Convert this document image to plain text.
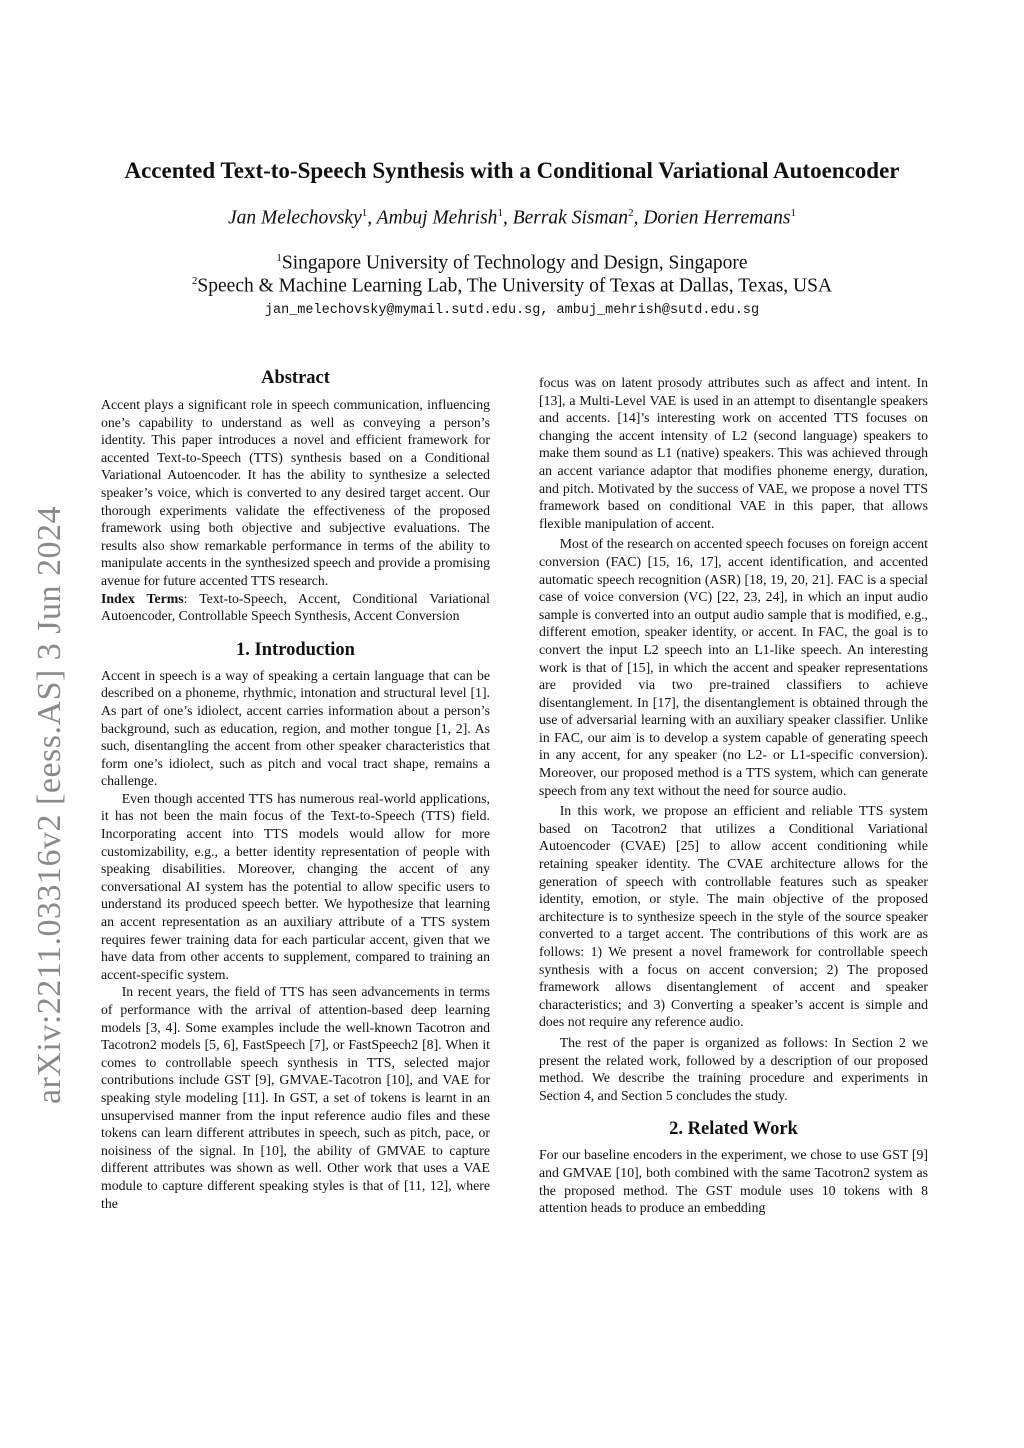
arXiv:2211.03316v2 [eess.AS] 3 Jun 2024
Accented Text-to-Speech Synthesis with a Conditional Variational Autoencoder
Jan Melechovsky$^1$, Ambuj Mehrish$^1$, Berrak Sisman$^2$, Dorien Herremans$^1$
$^1$Singapore University of Technology and Design, Singapore
$^2$Speech & Machine Learning Lab, The University of Texas at Dallas, Texas, USA
jan_melechovsky@mymail.sutd.edu.sg, ambuj_mehrish@sutd.edu.sg
Abstract

Accent plays a significant role in speech communication, influencing one’s capability to understand as well as conveying a person’s identity. This paper introduces a novel and efficient framework for accented Text-to-Speech (TTS) synthesis based on a Conditional Variational Autoencoder. It has the ability to synthesize a selected speaker’s voice, which is converted to any desired target accent. Our thorough experiments validate the effectiveness of the proposed framework using both objective and subjective evaluations. The results also show remarkable performance in terms of the ability to manipulate accents in the synthesized speech and provide a promising avenue for future accented TTS research.

Index Terms: Text-to-Speech, Accent, Conditional Variational Autoencoder, Controllable Speech Synthesis, Accent Conversion

1. Introduction

Accent in speech is a way of speaking a certain language that can be described on a phoneme, rhythmic, intonation and structural level [1]. As part of one’s idiolect, accent carries information about a person’s background, such as education, region, and mother tongue [1, 2]. As such, disentangling the accent from other speaker characteristics that form one’s idiolect, such as pitch and vocal tract shape, remains a challenge.

Even though accented TTS has numerous real-world applications, it has not been the main focus of the Text-to-Speech (TTS) field. Incorporating accent into TTS models would allow for more customizability, e.g., a better identity representation of people with speaking disabilities. Moreover, changing the accent of any conversational AI system has the potential to allow specific users to understand its produced speech better. We hypothesize that learning an accent representation as an auxiliary attribute of a TTS system requires fewer training data for each particular accent, given that we have data from other accents to supplement, compared to training an accent-specific system.

In recent years, the field of TTS has seen advancements in terms of performance with the arrival of attention-based deep learning models [3, 4]. Some examples include the well-known Tacotron and Tacotron2 models [5, 6], FastSpeech [7], or FastSpeech2 [8]. When it comes to controllable speech synthesis in TTS, selected major contributions include GST [9], GMVAE-Tacotron [10], and VAE for speaking style modeling [11]. In GST, a set of tokens is learnt in an unsupervised manner from the input reference audio files and these tokens can learn different attributes in speech, such as pitch, pace, or noisiness of the signal. In [10], the ability of GMVAE to capture different attributes was shown as well. Other work that uses a VAE module to capture different speaking styles is that of [11, 12], where the

focus was on latent prosody attributes such as affect and intent. In [13], a Multi-Level VAE is used in an attempt to disentangle speakers and accents. [14]’s interesting work on accented TTS focuses on changing the accent intensity of L2 (second language) speakers to make them sound as L1 (native) speakers. This was achieved through an accent variance adaptor that modifies phoneme energy, duration, and pitch. Motivated by the success of VAE, we propose a novel TTS framework based on conditional VAE in this paper, that allows flexible manipulation of accent.

Most of the research on accented speech focuses on foreign accent conversion (FAC) [15, 16, 17], accent identification, and accented automatic speech recognition (ASR) [18, 19, 20, 21]. FAC is a special case of voice conversion (VC) [22, 23, 24], in which an input audio sample is converted into an output audio sample that is modified, e.g., different emotion, speaker identity, or accent. In FAC, the goal is to convert the input L2 speech into an L1-like speech. An interesting work is that of [15], in which the accent and speaker representations are provided via two pre-trained classifiers to achieve disentanglement. In [17], the disentanglement is obtained through the use of adversarial learning with an auxiliary speaker classifier. Unlike in FAC, our aim is to develop a system capable of generating speech in any accent, for any speaker (no L2- or L1-specific conversion). Moreover, our proposed method is a TTS system, which can generate speech from any text without the need for source audio.

In this work, we propose an efficient and reliable TTS system based on Tacotron2 that utilizes a Conditional Variational Autoencoder (CVAE) [25] to allow accent conditioning while retaining speaker identity. The CVAE architecture allows for the generation of speech with controllable features such as speaker identity, emotion, or style. The main objective of the proposed architecture is to synthesize speech in the style of the source speaker converted to a target accent. The contributions of this work are as follows: 1) We present a novel framework for controllable speech synthesis with a focus on accent conversion; 2) The proposed framework allows disentanglement of accent and speaker characteristics; and 3) Converting a speaker’s accent is simple and does not require any reference audio.

The rest of the paper is organized as follows: In Section 2 we present the related work, followed by a description of our proposed method. We describe the training procedure and experiments in Section 4, and Section 5 concludes the study.

2. Related Work

For our baseline encoders in the experiment, we chose to use GST [9] and GMVAE [10], both combined with the same Tacotron2 system as the proposed method. The GST module uses 10 tokens with 8 attention heads to produce an embedding
